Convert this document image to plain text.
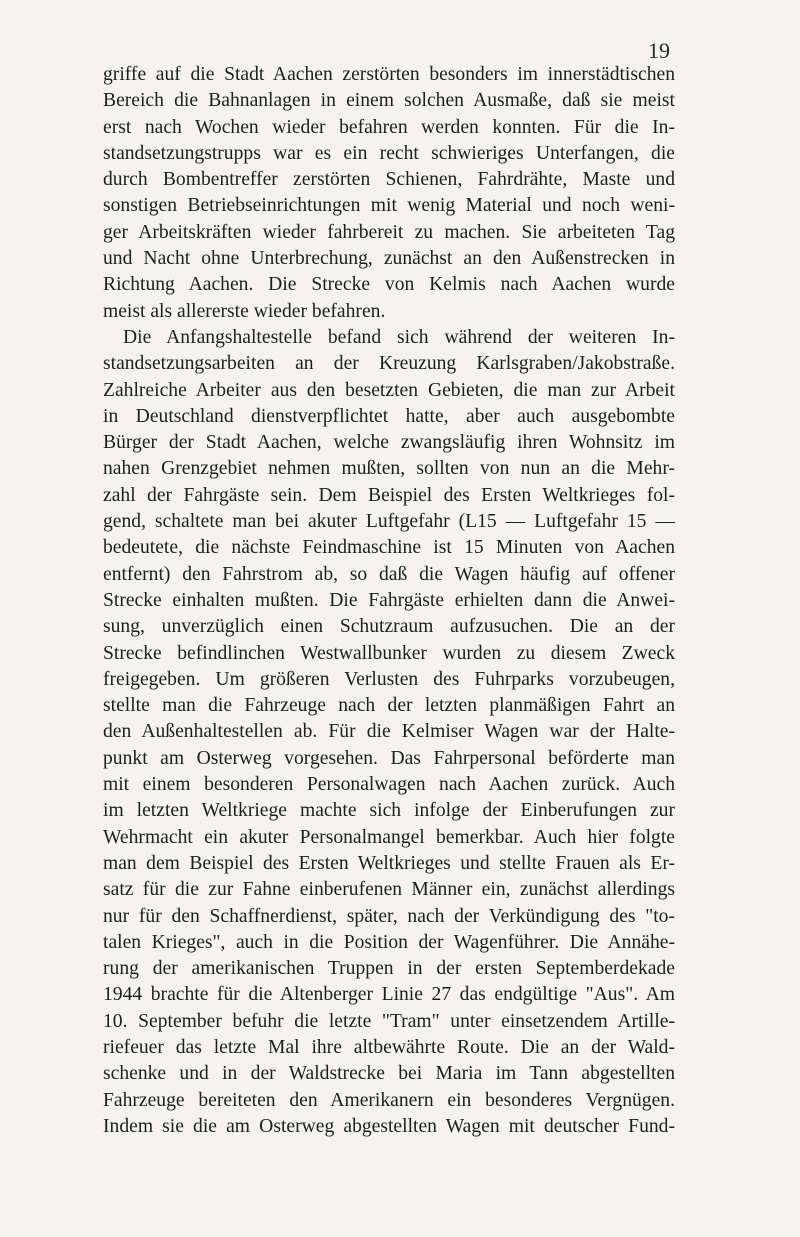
19
griffe auf die Stadt Aachen zerstörten besonders im innerstädtischen
Bereich die Bahnanlagen in einem solchen Ausmaße, daß sie meist
erst nach Wochen wieder befahren werden konnten. Für die In-
standsetzungstrupps war es ein recht schwieriges Unterfangen, die
durch Bombentreffer zerstörten Schienen, Fahrdrähte, Maste und
sonstigen Betriebseinrichtungen mit wenig Material und noch weni-
ger Arbeitskräften wieder fahrbereit zu machen. Sie arbeiteten Tag
und Nacht ohne Unterbrechung, zunächst an den Außenstrecken in
Richtung Aachen. Die Strecke von Kelmis nach Aachen wurde
meist als allererste wieder befahren.
Die Anfangshaltestelle befand sich während der weiteren In-
standsetzungsarbeiten an der Kreuzung Karlsgraben/Jakobstraße.
Zahlreiche Arbeiter aus den besetzten Gebieten, die man zur Arbeit
in Deutschland dienstverpflichtet hatte, aber auch ausgebombte
Bürger der Stadt Aachen, welche zwangsläufig ihren Wohnsitz im
nahen Grenzgebiet nehmen mußten, sollten von nun an die Mehr-
zahl der Fahrgäste sein. Dem Beispiel des Ersten Weltkrieges fol-
gend, schaltete man bei akuter Luftgefahr (L15 — Luftgefahr 15 —
bedeutete, die nächste Feindmaschine ist 15 Minuten von Aachen
entfernt) den Fahrstrom ab, so daß die Wagen häufig auf offener
Strecke einhalten mußten. Die Fahrgäste erhielten dann die Anwei-
sung, unverzüglich einen Schutzraum aufzusuchen. Die an der
Strecke befindlinchen Westwallbunker wurden zu diesem Zweck
freigegeben. Um größeren Verlusten des Fuhrparks vorzubeugen,
stellte man die Fahrzeuge nach der letzten planmäßigen Fahrt an
den Außenhaltestellen ab. Für die Kelmiser Wagen war der Halte-
punkt am Osterweg vorgesehen. Das Fahrpersonal beförderte man
mit einem besonderen Personalwagen nach Aachen zurück. Auch
im letzten Weltkriege machte sich infolge der Einberufungen zur
Wehrmacht ein akuter Personalmangel bemerkbar. Auch hier folgte
man dem Beispiel des Ersten Weltkrieges und stellte Frauen als Er-
satz für die zur Fahne einberufenen Männer ein, zunächst allerdings
nur für den Schaffnerdienst, später, nach der Verkündigung des "to-
talen Krieges", auch in die Position der Wagenführer. Die Annähe-
rung der amerikanischen Truppen in der ersten Septemberdekade
1944 brachte für die Altenberger Linie 27 das endgültige "Aus". Am
10. September befuhr die letzte "Tram" unter einsetzendem Artille-
riefeuer das letzte Mal ihre altbewährte Route. Die an der Wald-
schenke und in der Waldstrecke bei Maria im Tann abgestellten
Fahrzeuge bereiteten den Amerikanern ein besonderes Vergnügen.
Indem sie die am Osterweg abgestellten Wagen mit deutscher Fund-
